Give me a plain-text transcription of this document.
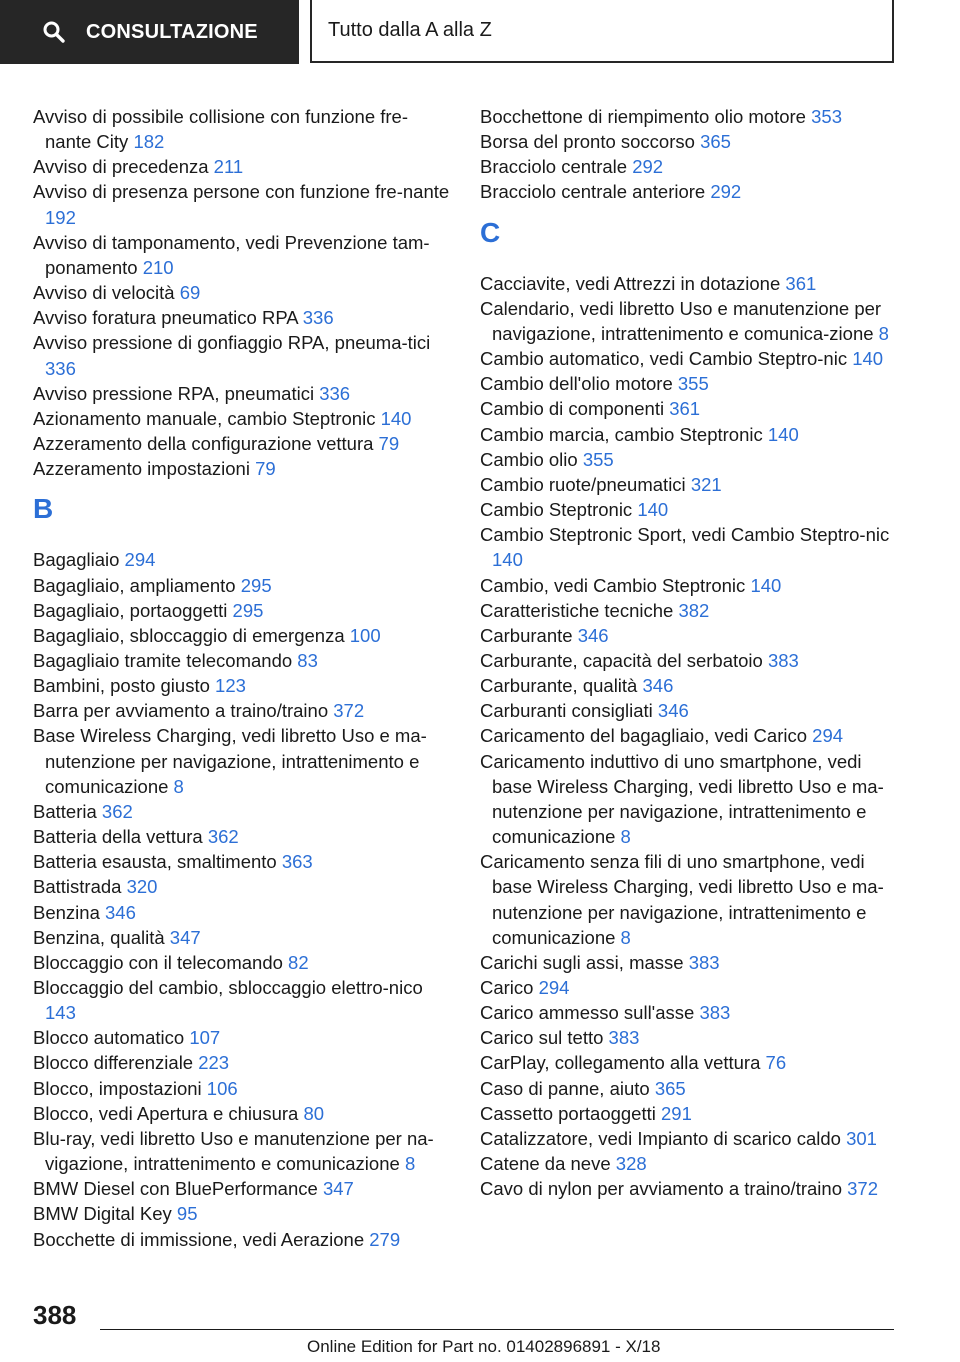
CONSULTAZIONE	Tutto dalla A alla Z

Avviso di possibile collisione con funzione fre-nante City 182

Avviso di precedenza 211

Avviso di presenza persone con funzione fre-nante 192

Avviso di tamponamento, vedi Prevenzione tam-ponamento 210

Avviso di velocità 69

Avviso foratura pneumatico RPA 336

Avviso pressione di gonfiaggio RPA, pneuma-tici 336

Avviso pressione RPA, pneumatici 336

Azionamento manuale, cambio Steptronic 140

Azzeramento della configurazione vettura 79

Azzeramento impostazioni 79

B

Bagagliaio 294

Bagagliaio, ampliamento 295

Bagagliaio, portaoggetti 295

Bagagliaio, sbloccaggio di emergenza 100

Bagagliaio tramite telecomando 83

Bambini, posto giusto 123

Barra per avviamento a traino/traino 372

Base Wireless Charging, vedi libretto Uso e ma-nutenzione per navigazione, intrattenimento e comunicazione 8

Batteria 362

Batteria della vettura 362

Batteria esausta, smaltimento 363

Battistrada 320

Benzina 346

Benzina, qualità 347

Bloccaggio con il telecomando 82

Bloccaggio del cambio, sbloccaggio elettro-nico 143

Blocco automatico 107

Blocco differenziale 223

Blocco, impostazioni 106

Blocco, vedi Apertura e chiusura 80

Blu-ray, vedi libretto Uso e manutenzione per na-vigazione, intrattenimento e comunicazione 8

BMW Diesel con BluePerformance 347

BMW Digital Key 95

Bocchette di immissione, vedi Aerazione 279

Bocchettone di riempimento olio motore 353

Borsa del pronto soccorso 365

Bracciolo centrale 292

Bracciolo centrale anteriore 292

C

Cacciavite, vedi Attrezzi in dotazione 361

Calendario, vedi libretto Uso e manutenzione per navigazione, intrattenimento e comunica-zione 8

Cambio automatico, vedi Cambio Steptro-nic 140

Cambio dell'olio motore 355

Cambio di componenti 361

Cambio marcia, cambio Steptronic 140

Cambio olio 355

Cambio ruote/pneumatici 321

Cambio Steptronic 140

Cambio Steptronic Sport, vedi Cambio Steptro-nic 140

Cambio, vedi Cambio Steptronic 140

Caratteristiche tecniche 382

Carburante 346

Carburante, capacità del serbatoio 383

Carburante, qualità 346

Carburanti consigliati 346

Caricamento del bagagliaio, vedi Carico 294

Caricamento induttivo di uno smartphone, vedi base Wireless Charging, vedi libretto Uso e ma-nutenzione per navigazione, intrattenimento e comunicazione 8

Caricamento senza fili di uno smartphone, vedi base Wireless Charging, vedi libretto Uso e ma-nutenzione per navigazione, intrattenimento e comunicazione 8

Carichi sugli assi, masse 383

Carico 294

Carico ammesso sull'asse 383

Carico sul tetto 383

CarPlay, collegamento alla vettura 76

Caso di panne, aiuto 365

Cassetto portaoggetti 291

Catalizzatore, vedi Impianto di scarico caldo 301

Catene da neve 328

Cavo di nylon per avviamento a traino/traino 372

388
Online Edition for Part no. 01402896891 - X/18
